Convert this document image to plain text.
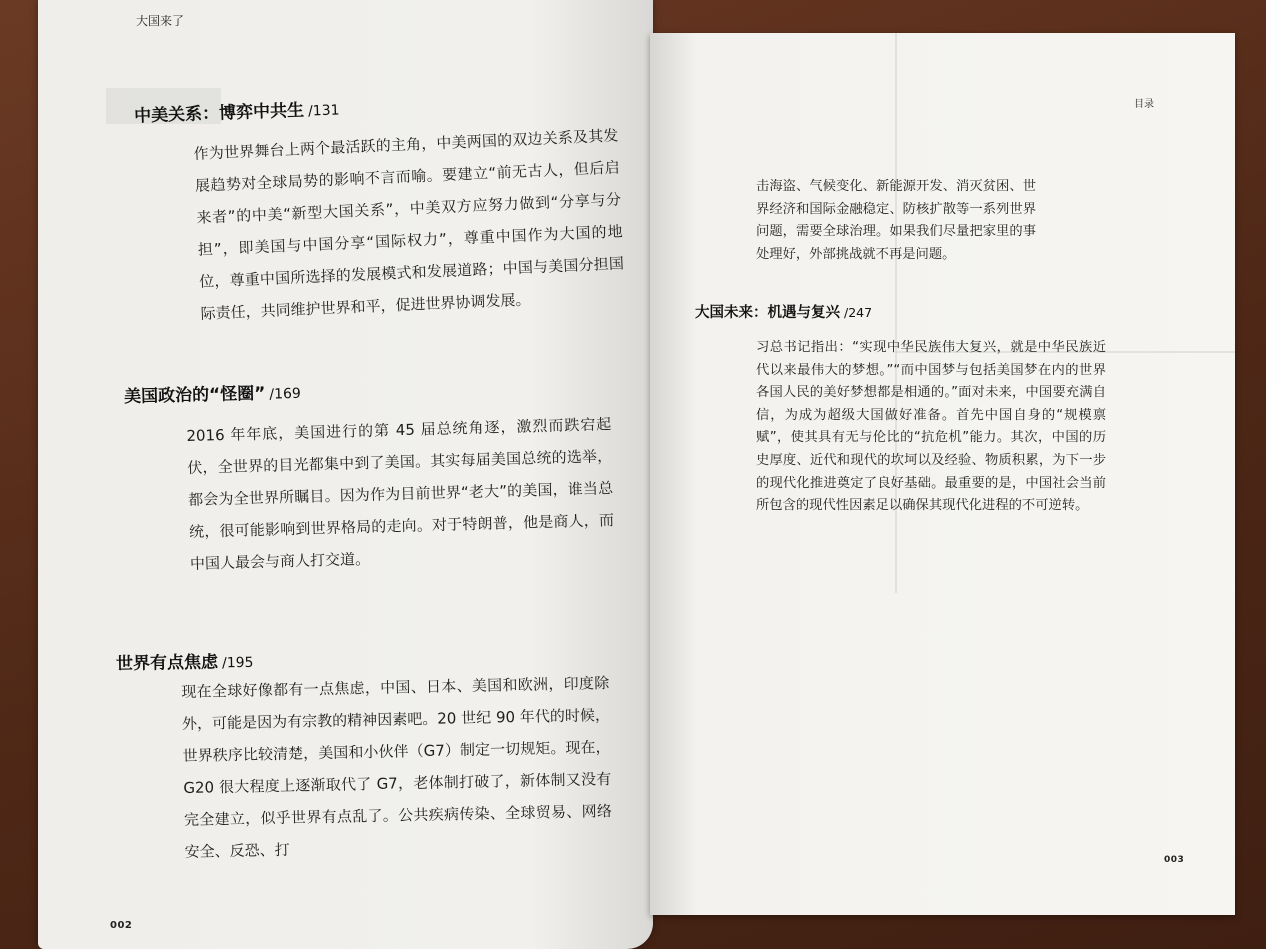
大国来了
中美关系：博弈中共生 /131

作为世界舞台上两个最活跃的主角，中美两国的双边关系及其发展趋势对全球局势的影响不言而喻。要建立“前无古人，但后启来者”的中美“新型大国关系”，中美双方应努力做到“分享与分担”，即美国与中国分享“国际权力”，尊重中国作为大国的地位，尊重中国所选择的发展模式和发展道路；中国与美国分担国际责任，共同维护世界和平，促进世界协调发展。

美国政治的“怪圈” /169

2016 年年底，美国进行的第 45 届总统角逐，激烈而跌宕起伏，全世界的目光都集中到了美国。其实每届美国总统的选举，都会为全世界所瞩目。因为作为目前世界“老大”的美国，谁当总统，很可能影响到世界格局的走向。对于特朗普，他是商人，而中国人最会与商人打交道。

世界有点焦虑 /195

现在全球好像都有一点焦虑，中国、日本、美国和欧洲，印度除外，可能是因为有宗教的精神因素吧。20 世纪 90 年代的时候，世界秩序比较清楚，美国和小伙伴（G7）制定一切规矩。现在，G20 很大程度上逐渐取代了 G7，老体制打破了，新体制又没有完全建立，似乎世界有点乱了。公共疾病传染、全球贸易、网络安全、反恐、打

002
目录

击海盗、气候变化、新能源开发、消灭贫困、世界经济和国际金融稳定、防核扩散等一系列世界问题，需要全球治理。如果我们尽量把家里的事处理好，外部挑战就不再是问题。

大国未来：机遇与复兴 /247

习总书记指出：“实现中华民族伟大复兴，就是中华民族近代以来最伟大的梦想。”“而中国梦与包括美国梦在内的世界各国人民的美好梦想都是相通的。”面对未来，中国要充满自信，为成为超级大国做好准备。首先中国自身的“规模禀赋”，使其具有无与伦比的“抗危机”能力。其次，中国的历史厚度、近代和现代的坎坷以及经验、物质积累，为下一步的现代化推进奠定了良好基础。最重要的是，中国社会当前所包含的现代性因素足以确保其现代化进程的不可逆转。

003
